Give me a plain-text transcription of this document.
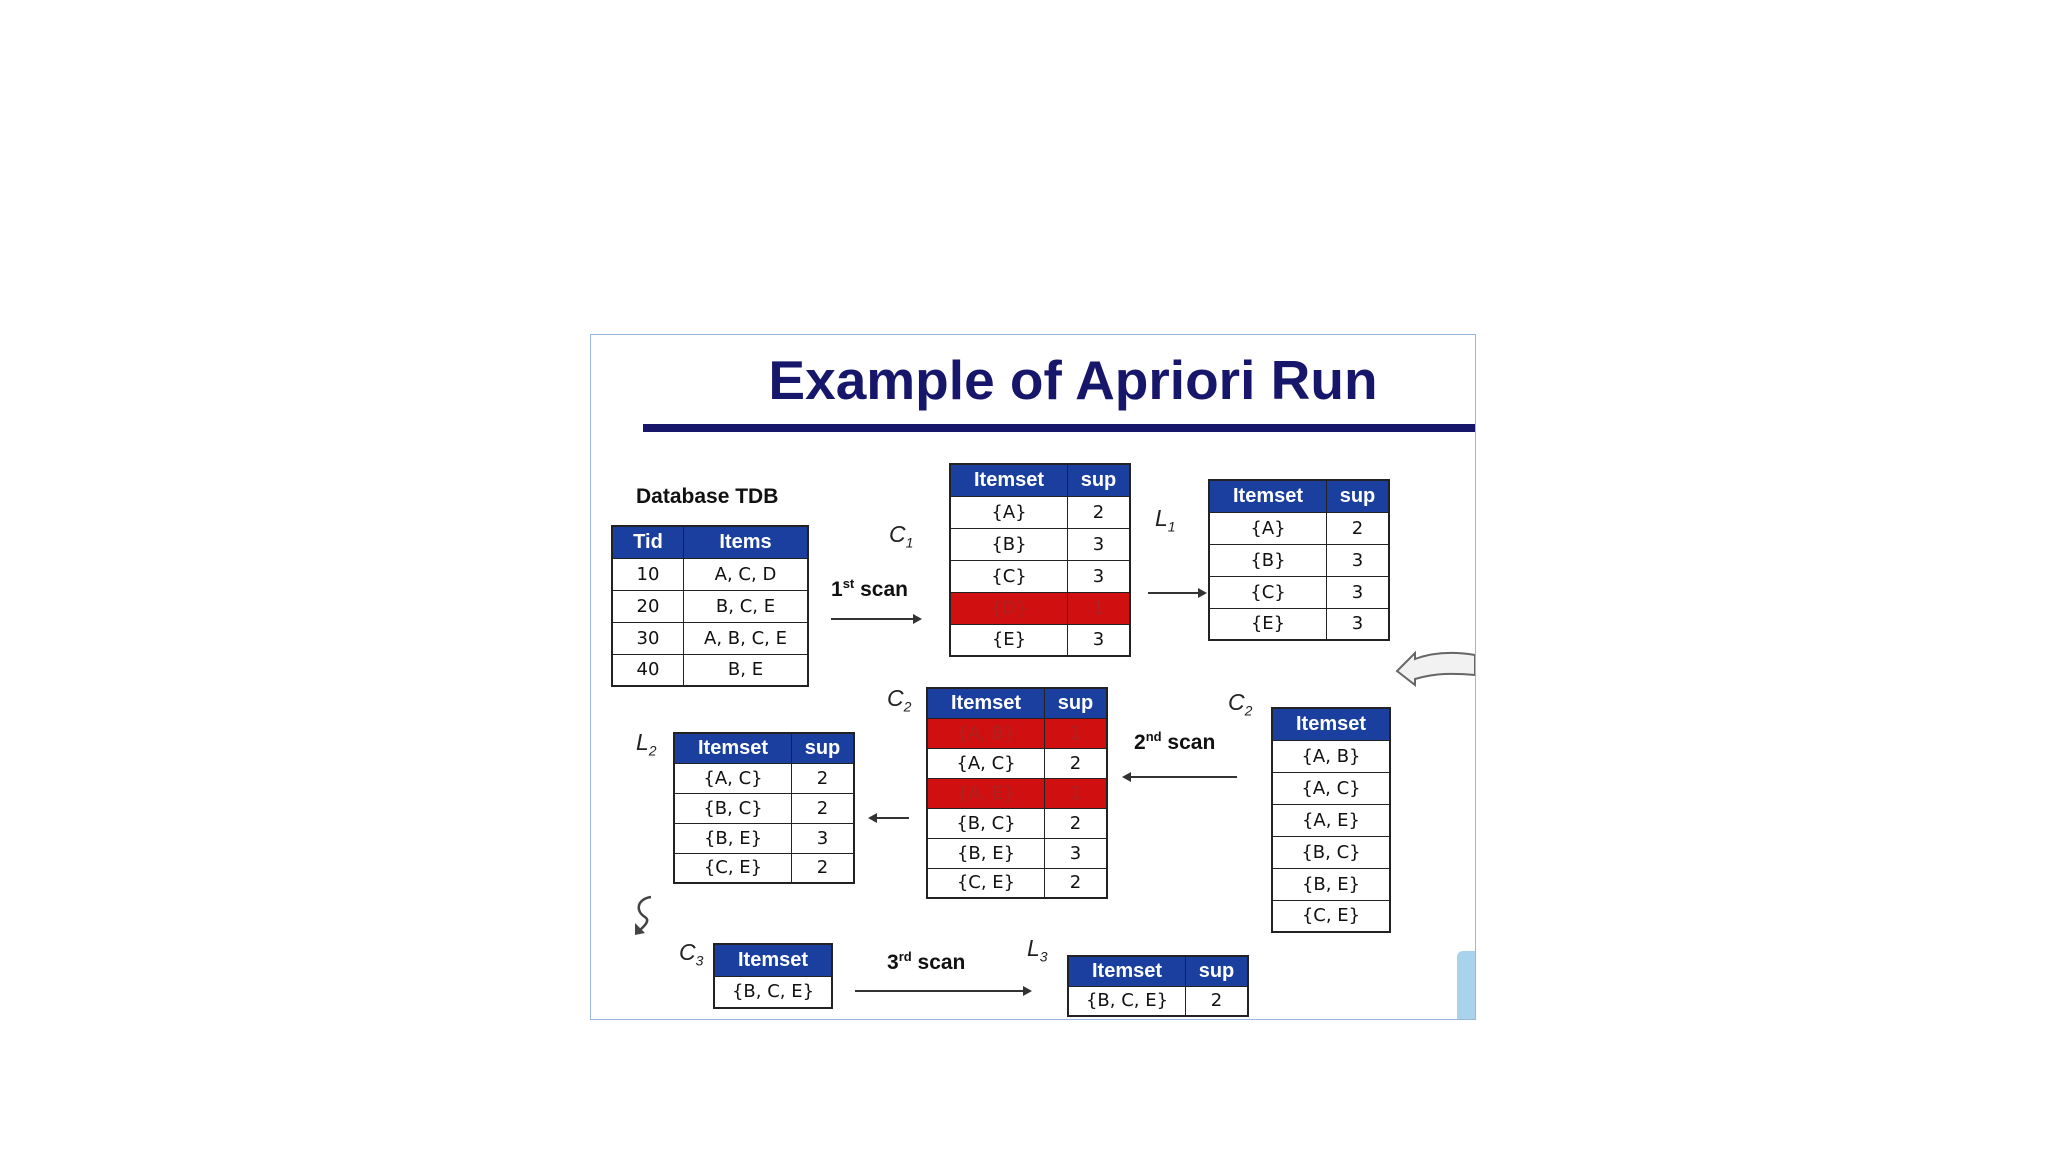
Example of Apriori Run
Database TDB
Tid	Items
10	A, C, D
20	B, C, E
30	A, B, C, E
40	B, E
1st scan
$C_1$
Itemset	sup
{A}	2
{B}	3
{C}	3
{D}	1
{E}	3
$L_1$
Itemset	sup
{A}	2
{B}	3
{C}	3
{E}	3
$C_2$
Itemset
{A, B}
{A, C}
{A, E}
{B, C}
{B, E}
{C, E}
2nd scan
$C_2$ Itemset	sup
{A, B}	1
{A, C}	2
{A, E}	1
{B, C}	2
{B, E}	3
{C, E}	2
$L_2$ Itemset	sup
{A, C}	2
{B, C}	2
{B, E}	3
{C, E}	2
$C_3$ Itemset
{B, C, E}
3rd scan
$L_3$
Itemset	sup
{B, C, E}	2
